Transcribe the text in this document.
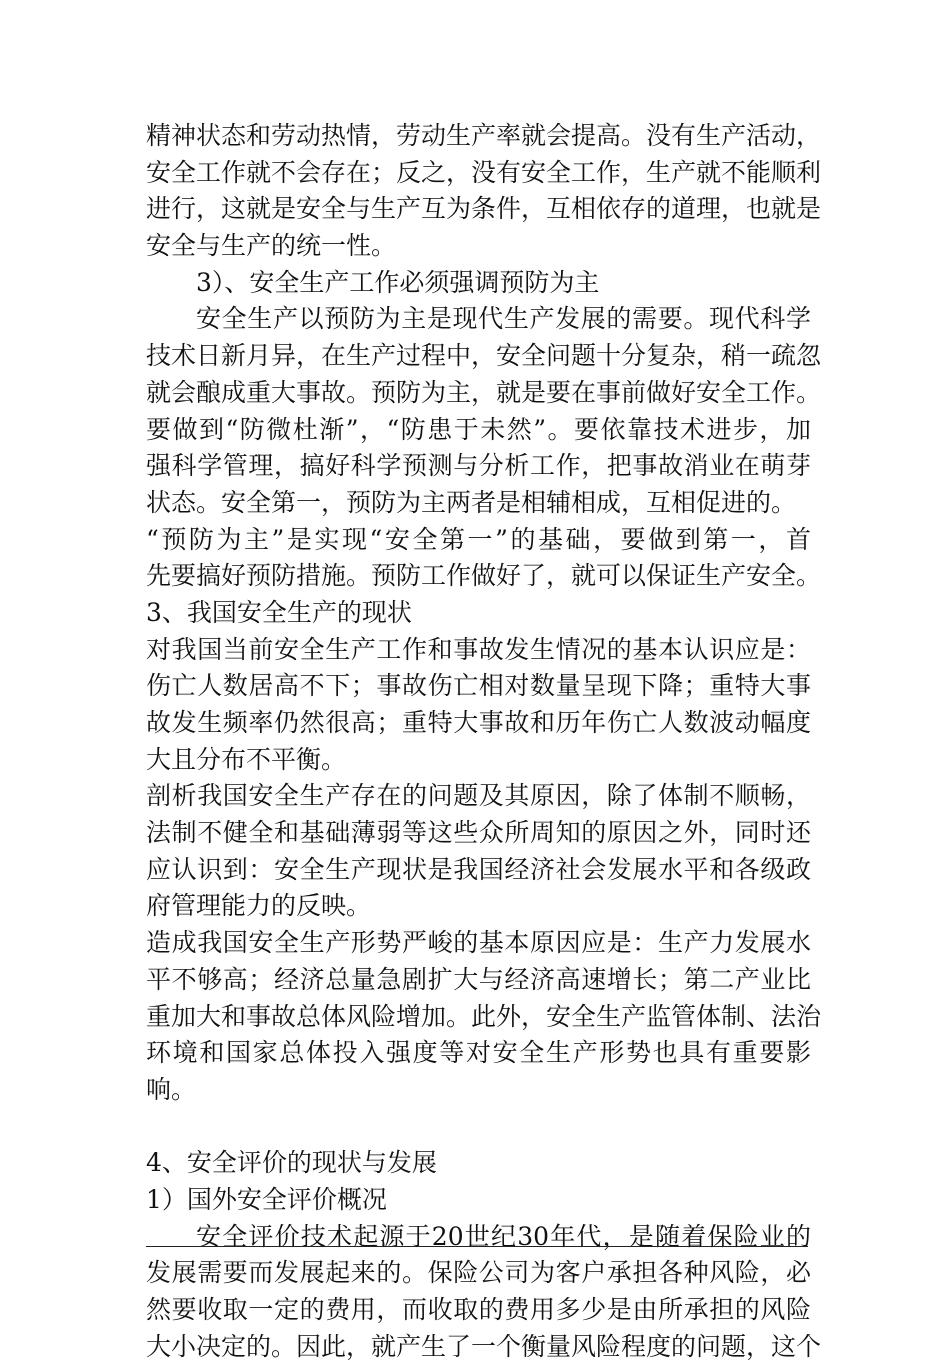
精神状态和劳动热情，劳动生产率就会提高。没有生产活动，
安全工作就不会存在；反之，没有安全工作，生产就不能顺利
进行，这就是安全与生产互为条件，互相依存的道理，也就是
安全与生产的统一性。
3）、安全生产工作必须强调预防为主
安全生产以预防为主是现代生产发展的需要。现代科学
技术日新月异，在生产过程中，安全问题十分复杂，稍一疏忽
就会酿成重大事故。预防为主，就是要在事前做好安全工作。
要做到“防微杜渐”，“防患于未然”。要依靠技术进步，加
强科学管理，搞好科学预测与分析工作，把事故消业在萌芽
状态。安全第一，预防为主两者是相辅相成，互相促进的。
“预防为主”是实现“安全第一”的基础，要做到第一，首
先要搞好预防措施。预防工作做好了，就可以保证生产安全。
3、我国安全生产的现状
对我国当前安全生产工作和事故发生情况的基本认识应是：
伤亡人数居高不下；事故伤亡相对数量呈现下降；重特大事
故发生频率仍然很高；重特大事故和历年伤亡人数波动幅度
大且分布不平衡。
剖析我国安全生产存在的问题及其原因，除了体制不顺畅，
法制不健全和基础薄弱等这些众所周知的原因之外，同时还
应认识到：安全生产现状是我国经济社会发展水平和各级政
府管理能力的反映。
造成我国安全生产形势严峻的基本原因应是：生产力发展水
平不够高；经济总量急剧扩大与经济高速增长；第二产业比
重加大和事故总体风险增加。此外，安全生产监管体制、法治
环境和国家总体投入强度等对安全生产形势也具有重要影
响。
4、安全评价的现状与发展
1）国外安全评价概况
安全评价技术起源于20世纪30年代，是随着保险业的
发展需要而发展起来的。保险公司为客户承担各种风险，必
然要收取一定的费用，而收取的费用多少是由所承担的风险
大小决定的。因此，就产生了一个衡量风险程度的问题，这个
